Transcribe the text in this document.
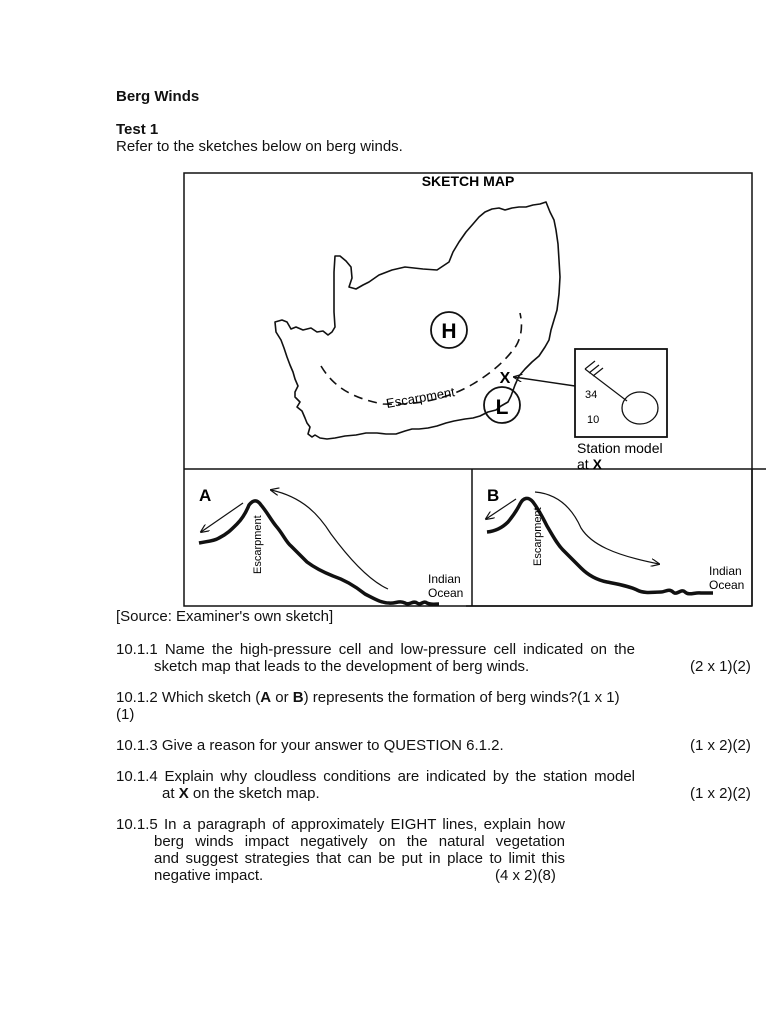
Berg Winds
Test 1
Refer to the sketches below on berg winds.
SKETCH MAP
Escarpment
H
L
X
34
10
Station model
at X
A
Escarpment
Indian
Ocean
B
Escarpment
Indian
Ocean
[Source: Examiner's own sketch]
10.1.1 Name the high-pressure cell and low-pressure cell indicated on the
sketch map that leads to the development of berg winds.	(2 x 1)(2)
10.1.2 Which sketch (A or B) represents the formation of berg winds?(1 x 1)
(1)
10.1.3 Give a reason for your answer to QUESTION 6.1.2.	(1 x 2)(2)
10.1.4 Explain why cloudless conditions are indicated by the station model
at X on the sketch map.	(1 x 2)(2)
10.1.5 In a paragraph of approximately EIGHT lines, explain how
berg winds impact negatively on the natural vegetation
and suggest strategies that can be put in place to limit this
negative impact.	(4 x 2)(8)
